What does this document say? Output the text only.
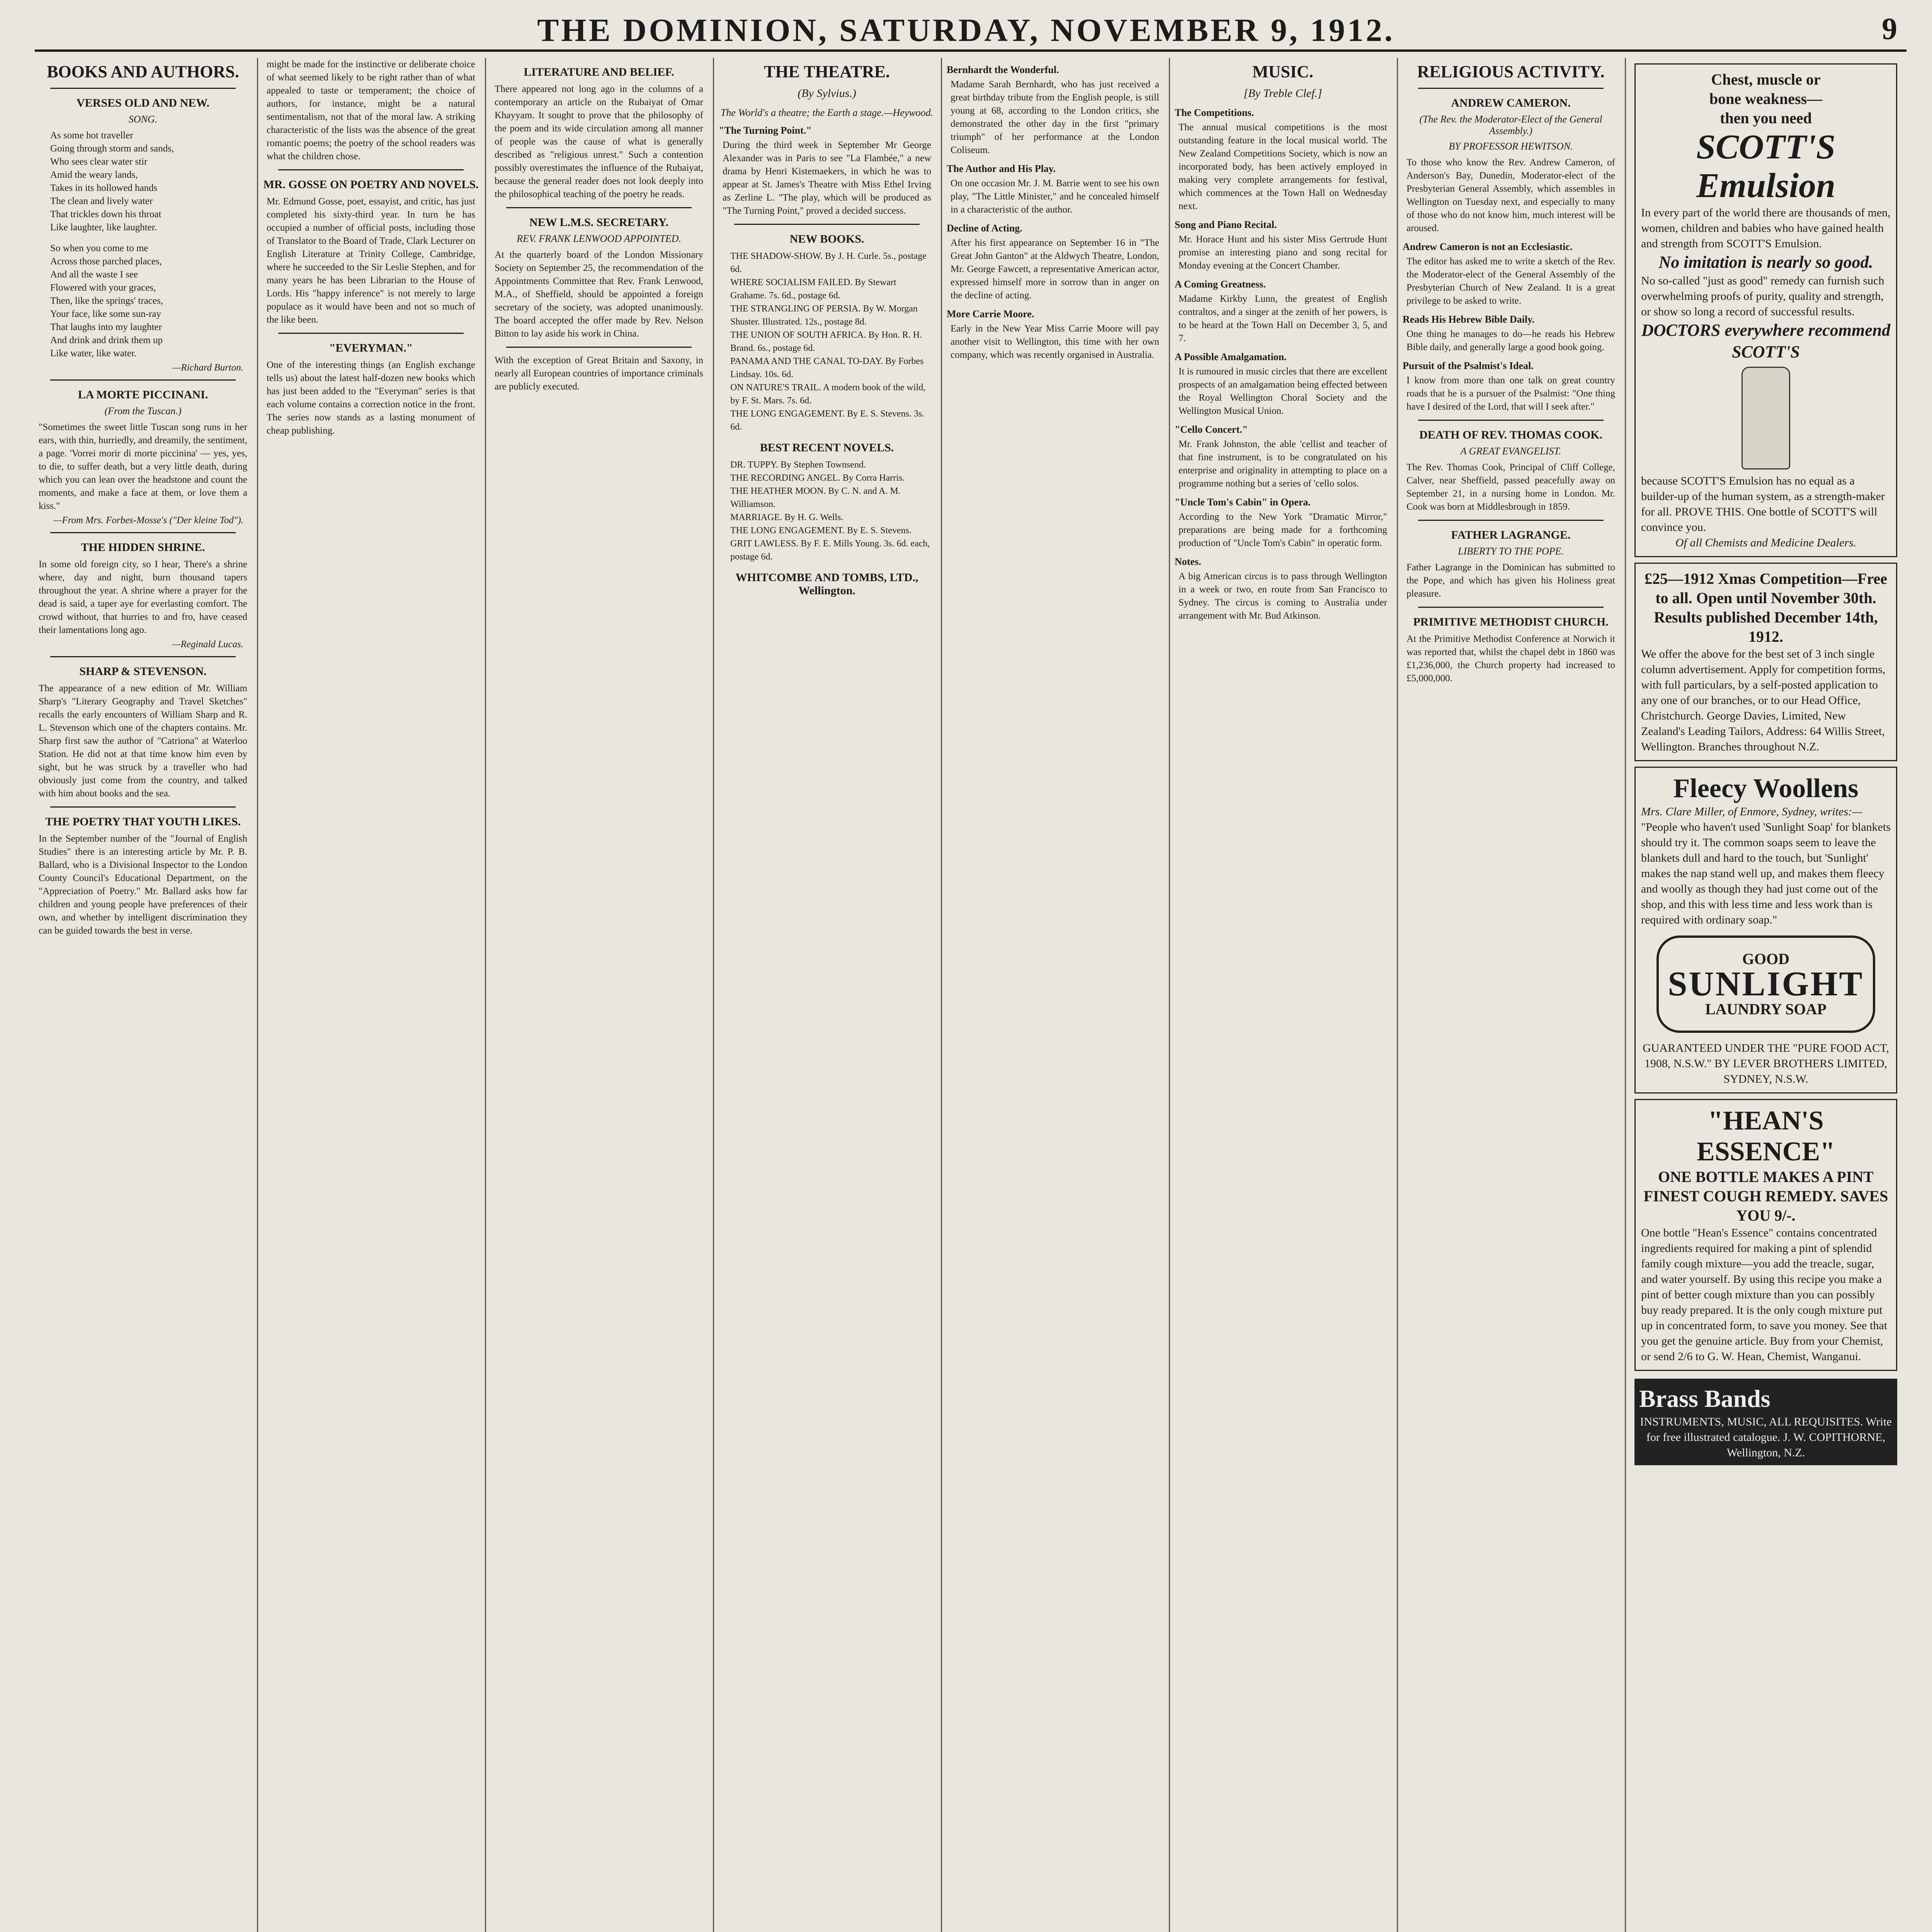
THE DOMINION, SATURDAY, NOVEMBER 9, 1912.	9
BOOKS AND AUTHORS.
VERSES OLD AND NEW.
SONG.
As some hot traveller
Going through storm and sands,
Who sees clear water stir
Amid the weary lands,
Takes in its hollowed hands
The clean and lively water
That trickles down his throat
Like laughter, like laughter.
So when you come to me
Across those parched places,
And all the waste I see
Flowered with your graces,
Then, like the springs' traces,
Your face, like some sun-ray
That laughs into my laughter
And drink and drink them up
Like water, like water.
—Richard Burton.
LA MORTE PICCINANI.
(From the Tuscan.)
"Sometimes the sweet little Tuscan song runs in her ears, with thin, hurriedly, and dreamily, the sentiment, a page. 'Vorrei morir di morte piccinina' — yes, yes, to die, to suffer death, but a very little death, during which you can lean over the headstone and count the moments, and make a face at them, or love them a kiss."
—From Mrs. Forbes-Mosse's ("Der kleine Tod").
THE HIDDEN SHRINE.
In some old foreign city, so I hear, There's a shrine where, day and night, burn thousand tapers throughout the year. A shrine where a prayer for the dead is said, a taper aye for everlasting comfort. The crowd without, that hurries to and fro, have ceased their lamentations long ago.
—Reginald Lucas.
SHARP & STEVENSON.
The appearance of a new edition of Mr. William Sharp's "Literary Geography and Travel Sketches" recalls the early encounters of William Sharp and R. L. Stevenson which one of the chapters contains. Mr. Sharp first saw the author of "Catriona" at Waterloo Station. He did not at that time know him even by sight, but he was struck by a traveller who had obviously just come from the country, and talked with him about books and the sea.
THE POETRY THAT YOUTH LIKES.
In the September number of the "Journal of English Studies" there is an interesting article by Mr. P. B. Ballard, who is a Divisional Inspector to the London County Council's Educational Department, on the "Appreciation of Poetry." Mr. Ballard asks how far children and young people have preferences of their own, and whether by intelligent discrimination they can be guided towards the best in verse.
might be made for the instinctive or deliberate choice of what seemed likely to be right rather than of what appealed to taste or temperament; the choice of authors, for instance, might be a natural sentimentalism, not that of the moral law. A striking characteristic of the lists was the absence of the great romantic poems; the poetry of the school readers was what the children chose.
MR. GOSSE ON POETRY AND NOVELS.
Mr. Edmund Gosse, poet, essayist, and critic, has just completed his sixty-third year. In turn he has occupied a number of official posts, including those of Translator to the Board of Trade, Clark Lecturer on English Literature at Trinity College, Cambridge, where he succeeded to the Sir Leslie Stephen, and for many years he has been Librarian to the House of Lords. His "happy inference" is not merely to large populace as it would have been and not so much of the like been.
"EVERYMAN."
One of the interesting things (an English exchange tells us) about the latest half-dozen new books which has just been added to the "Everyman" series is that each volume contains a correction notice in the front. The series now stands as a lasting monument of cheap publishing.
LITERATURE AND BELIEF.
There appeared not long ago in the columns of a contemporary an article on the Rubaiyat of Omar Khayyam. It sought to prove that the philosophy of the poem and its wide circulation among all manner of people was the cause of what is generally described as "religious unrest." Such a contention possibly overestimates the influence of the Rubaiyat, because the general reader does not look deeply into the philosophical teaching of the poetry he reads.
NEW L.M.S. SECRETARY.
REV. FRANK LENWOOD APPOINTED.
At the quarterly board of the London Missionary Society on September 25, the recommendation of the Appointments Committee that Rev. Frank Lenwood, M.A., of Sheffield, should be appointed a foreign secretary of the society, was adopted unanimously. The board accepted the offer made by Rev. Nelson Bitton to lay aside his work in China.
With the exception of Great Britain and Saxony, in nearly all European countries of importance criminals are publicly executed.
THE THEATRE.
(By Sylvius.)
The World's a theatre; the Earth a stage.—Heywood.
"The Turning Point."
During the third week in September Mr George Alexander was in Paris to see "La Flambée," a new drama by Henri Kistemaekers, in which he was to appear at St. James's Theatre with Miss Ethel Irving as Zerline L. "The play, which will be produced as "The Turning Point," proved a decided success.
NEW BOOKS.
THE SHADOW-SHOW. By J. H. Curle. 5s., postage 6d.
WHERE SOCIALISM FAILED. By Stewart Grahame. 7s. 6d., postage 6d.
THE STRANGLING OF PERSIA. By W. Morgan Shuster. Illustrated. 12s., postage 8d.
THE UNION OF SOUTH AFRICA. By Hon. R. H. Brand. 6s., postage 6d.
PANAMA AND THE CANAL TO-DAY. By Forbes Lindsay. 10s. 6d.
ON NATURE'S TRAIL. A modern book of the wild, by F. St. Mars. 7s. 6d.
THE LONG ENGAGEMENT. By E. S. Stevens. 3s. 6d.
BEST RECENT NOVELS.
DR. TUPPY. By Stephen Townsend.
THE RECORDING ANGEL. By Corra Harris.
THE HEATHER MOON. By C. N. and A. M. Williamson.
MARRIAGE. By H. G. Wells.
THE LONG ENGAGEMENT. By E. S. Stevens.
GRIT LAWLESS. By F. E. Mills Young. 3s. 6d. each, postage 6d.
WHITCOMBE AND TOMBS, LTD., Wellington.
Bernhardt the Wonderful.
Madame Sarah Bernhardt, who has just received a great birthday tribute from the English people, is still young at 68, according to the London critics, she demonstrated the other day in the first "primary triumph" of her performance at the London Coliseum.
The Author and His Play.
On one occasion Mr. J. M. Barrie went to see his own play, "The Little Minister," and he concealed himself in a characteristic of the author.
Decline of Acting.
After his first appearance on September 16 in "The Great John Ganton" at the Aldwych Theatre, London, Mr. George Fawcett, a representative American actor, expressed himself more in sorrow than in anger on the decline of acting.
More Carrie Moore.
Early in the New Year Miss Carrie Moore will pay another visit to Wellington, this time with her own company, which was recently organised in Australia.
MUSIC.
[By Treble Clef.]
The Competitions.
The annual musical competitions is the most outstanding feature in the local musical world. The New Zealand Competitions Society, which is now an incorporated body, has been actively employed in making very complete arrangements for festival, which commences at the Town Hall on Wednesday next.
Song and Piano Recital.
Mr. Horace Hunt and his sister Miss Gertrude Hunt promise an interesting piano and song recital for Monday evening at the Concert Chamber.
A Coming Greatness.
Madame Kirkby Lunn, the greatest of English contraltos, and a singer at the zenith of her powers, is to be heard at the Town Hall on December 3, 5, and 7.
A Possible Amalgamation.
It is rumoured in music circles that there are excellent prospects of an amalgamation being effected between the Royal Wellington Choral Society and the Wellington Musical Union.
"Cello Concert."
Mr. Frank Johnston, the able 'cellist and teacher of that fine instrument, is to be congratulated on his enterprise and originality in attempting to place on a programme nothing but a series of 'cello solos.
"Uncle Tom's Cabin" in Opera.
According to the New York "Dramatic Mirror," preparations are being made for a forthcoming production of "Uncle Tom's Cabin" in operatic form.
Notes.
A big American circus is to pass through Wellington in a week or two, en route from San Francisco to Sydney. The circus is coming to Australia under arrangement with Mr. Bud Atkinson.
RELIGIOUS ACTIVITY.
ANDREW CAMERON.
(The Rev. the Moderator-Elect of the General Assembly.)
BY PROFESSOR HEWITSON.
To those who know the Rev. Andrew Cameron, of Anderson's Bay, Dunedin, Moderator-elect of the Presbyterian General Assembly, which assembles in Wellington on Tuesday next, and especially to many of those who do not know him, much interest will be aroused.
Andrew Cameron is not an Ecclesiastic.
The editor has asked me to write a sketch of the Rev. the Moderator-elect of the General Assembly of the Presbyterian Church of New Zealand. It is a great privilege to be asked to write.
Reads His Hebrew Bible Daily.
One thing he manages to do—he reads his Hebrew Bible daily, and generally large a good book going.
Pursuit of the Psalmist's Ideal.
I know from more than one talk on great country roads that he is a pursuer of the Psalmist: "One thing have I desired of the Lord, that will I seek after."
DEATH OF REV. THOMAS COOK.
A GREAT EVANGELIST.
The Rev. Thomas Cook, Principal of Cliff College, Calver, near Sheffield, passed peacefully away on September 21, in a nursing home in London. Mr. Cook was born at Middlesbrough in 1859.
FATHER LAGRANGE.
LIBERTY TO THE POPE.
Father Lagrange in the Dominican has submitted to the Pope, and which has given his Holiness great pleasure.
PRIMITIVE METHODIST CHURCH.
At the Primitive Methodist Conference at Norwich it was reported that, whilst the chapel debt in 1860 was £1,236,000, the Church property had increased to £5,000,000.
Chest, muscle or
bone weakness—
then you need
SCOTT'S
Emulsion
In every part of the world there are thousands of men, women, children and babies who have gained health and strength from SCOTT'S Emulsion.
No imitation is nearly so good.
No so-called "just as good" remedy can furnish such overwhelming proofs of purity, quality and strength, or show so long a record of successful results.
DOCTORS everywhere recommend SCOTT'S
because SCOTT'S Emulsion has no equal as a builder-up of the human system, as a strength-maker for all. PROVE THIS. One bottle of SCOTT'S will convince you.
Of all Chemists and Medicine Dealers.
£25—1912 Xmas Competition—Free to all. Open until November 30th. Results published December 14th, 1912.
We offer the above for the best set of 3 inch single column advertisement. Apply for competition forms, with full particulars, by a self-posted application to any one of our branches, or to our Head Office, Christchurch. George Davies, Limited, New Zealand's Leading Tailors, Address: 64 Willis Street, Wellington. Branches throughout N.Z.
Fleecy Woollens
Mrs. Clare Miller, of Enmore, Sydney, writes:—
"People who haven't used 'Sunlight Soap' for blankets should try it. The common soaps seem to leave the blankets dull and hard to the touch, but 'Sunlight' makes the nap stand well up, and makes them fleecy and woolly as though they had just come out of the shop, and this with less time and less work than is required with ordinary soap."
GOOD
SUNLIGHT
LAUNDRY SOAP
GUARANTEED UNDER THE "PURE FOOD ACT, 1908, N.S.W." BY LEVER BROTHERS LIMITED, SYDNEY, N.S.W.
"HEAN'S ESSENCE"
ONE BOTTLE MAKES A PINT FINEST COUGH REMEDY. SAVES YOU 9/-.
One bottle "Hean's Essence" contains concentrated ingredients required for making a pint of splendid family cough mixture—you add the treacle, sugar, and water yourself. By using this recipe you make a pint of better cough mixture than you can possibly buy ready prepared. It is the only cough mixture put up in concentrated form, to save you money. See that you get the genuine article. Buy from your Chemist, or send 2/6 to G. W. Hean, Chemist, Wanganui.
Brass Bands
INSTRUMENTS, MUSIC, ALL REQUISITES. Write for free illustrated catalogue. J. W. COPITHORNE, Wellington, N.Z.
